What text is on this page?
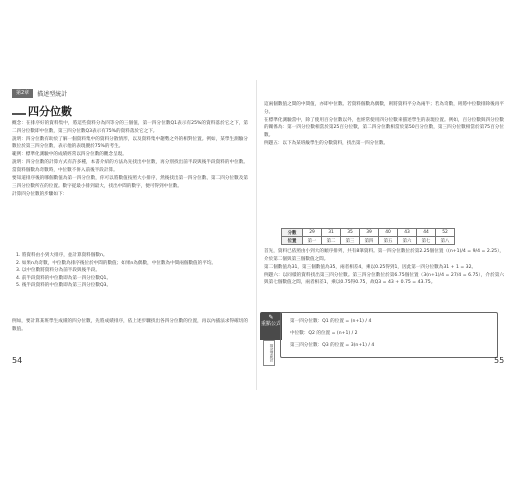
第2章	描述型統計
四分位數

概念：在排序好的資料集中，將這些資料分為四等分的三個值，第一四分位數Q1表示有25%的資料落於它之下，第二四分位數即中位數，第三四分位數Q3表示有75%的資料落於它之下。

說明：四分位數有助於了解一個資料集中的資料分散情形，以及資料集中趨勢之外的相對位置。例如，某學生測驗分數位於第三四分位數，表示他的表現優於75%的考生。

範例：標準化測驗中的成績經常以四分位數的觀念呈現。

說明：四分位數的計算方式有許多種，本書介紹的方法為先找出中位數，再分別找出前半段與後半段資料的中位數。當資料個數為奇數時，中位數不併入前後半段計算。

要知道排序後的哪個數值為第一四分位數，你可以將數值按照大小排序，然後找出第一四分位數、第二四分位數及第三四分位數所在的位置。數字從最小排到最大，找出中間的數字，便可得到中位數。

計算四分位數的步驟如下：

1. 將資料由小到大排序，並計算資料個數n。
2. 如果n為奇數，中位數為排序後位於中間的數值；如果n為偶數，中位數為中間兩個數值的平均。
3. 以中位數將資料分為前半段與後半段。
4. 前半段資料的中位數即為第一四分位數Q1。
5. 後半段資料的中位數即為第三四分位數Q3。

例如，要計算某班學生成績的四分位數，先將成績排序，依上述步驟找出各四分位數的位置，再以內插法求得確切的數值。

54

這兩個數值之間的中間值，亦即中位數。若資料個數為偶數，則將資料平分為兩半；若為奇數，則將中位數排除後再平分。

在標準化測驗當中，除了使用百分位數以外，也經常使用四分位數來描述學生的表現位置。例如，百分位數與四分位數的關係為：第一四分位數相當於第25百分位數，第二四分位數相當於第50百分位數，第三四分位數相當於第75百分位數。

例題五：以下為某班級學生的分數資料，找出第一四分位數。

分數	29	31	35	39	40	43	44	52
位置	第一	第二	第三	第四	第五	第六	第七	第八

首先，資料已依照由小到大的順序排列，共有8筆資料。第一四分位數位於第2.25個位置（(n+1)/4 = 9/4 = 2.25），介於第二個與第三個數值之間。

第二個數值為31，第三個數值為35，兩者相差4，乘以0.25得到1，因此第一四分位數為31 + 1 = 32。

例題六：以同樣的資料找出第三四分位數。第三四分位數位於第6.75個位置（3(n+1)/4 = 27/4 = 6.75），介於第六與第七個數值之間，兩者相差1，乘以0.75得0.75，故Q3 = 43 + 0.75 = 43.75。

✎
重點公式 第一四分位數：Q1 的位置 = (n+1) / 4
中位數：Q2 的位置 = (n+1) / 2
第三四分位數：Q3 的位置 = 3(n+1) / 4
描述型統計	55
